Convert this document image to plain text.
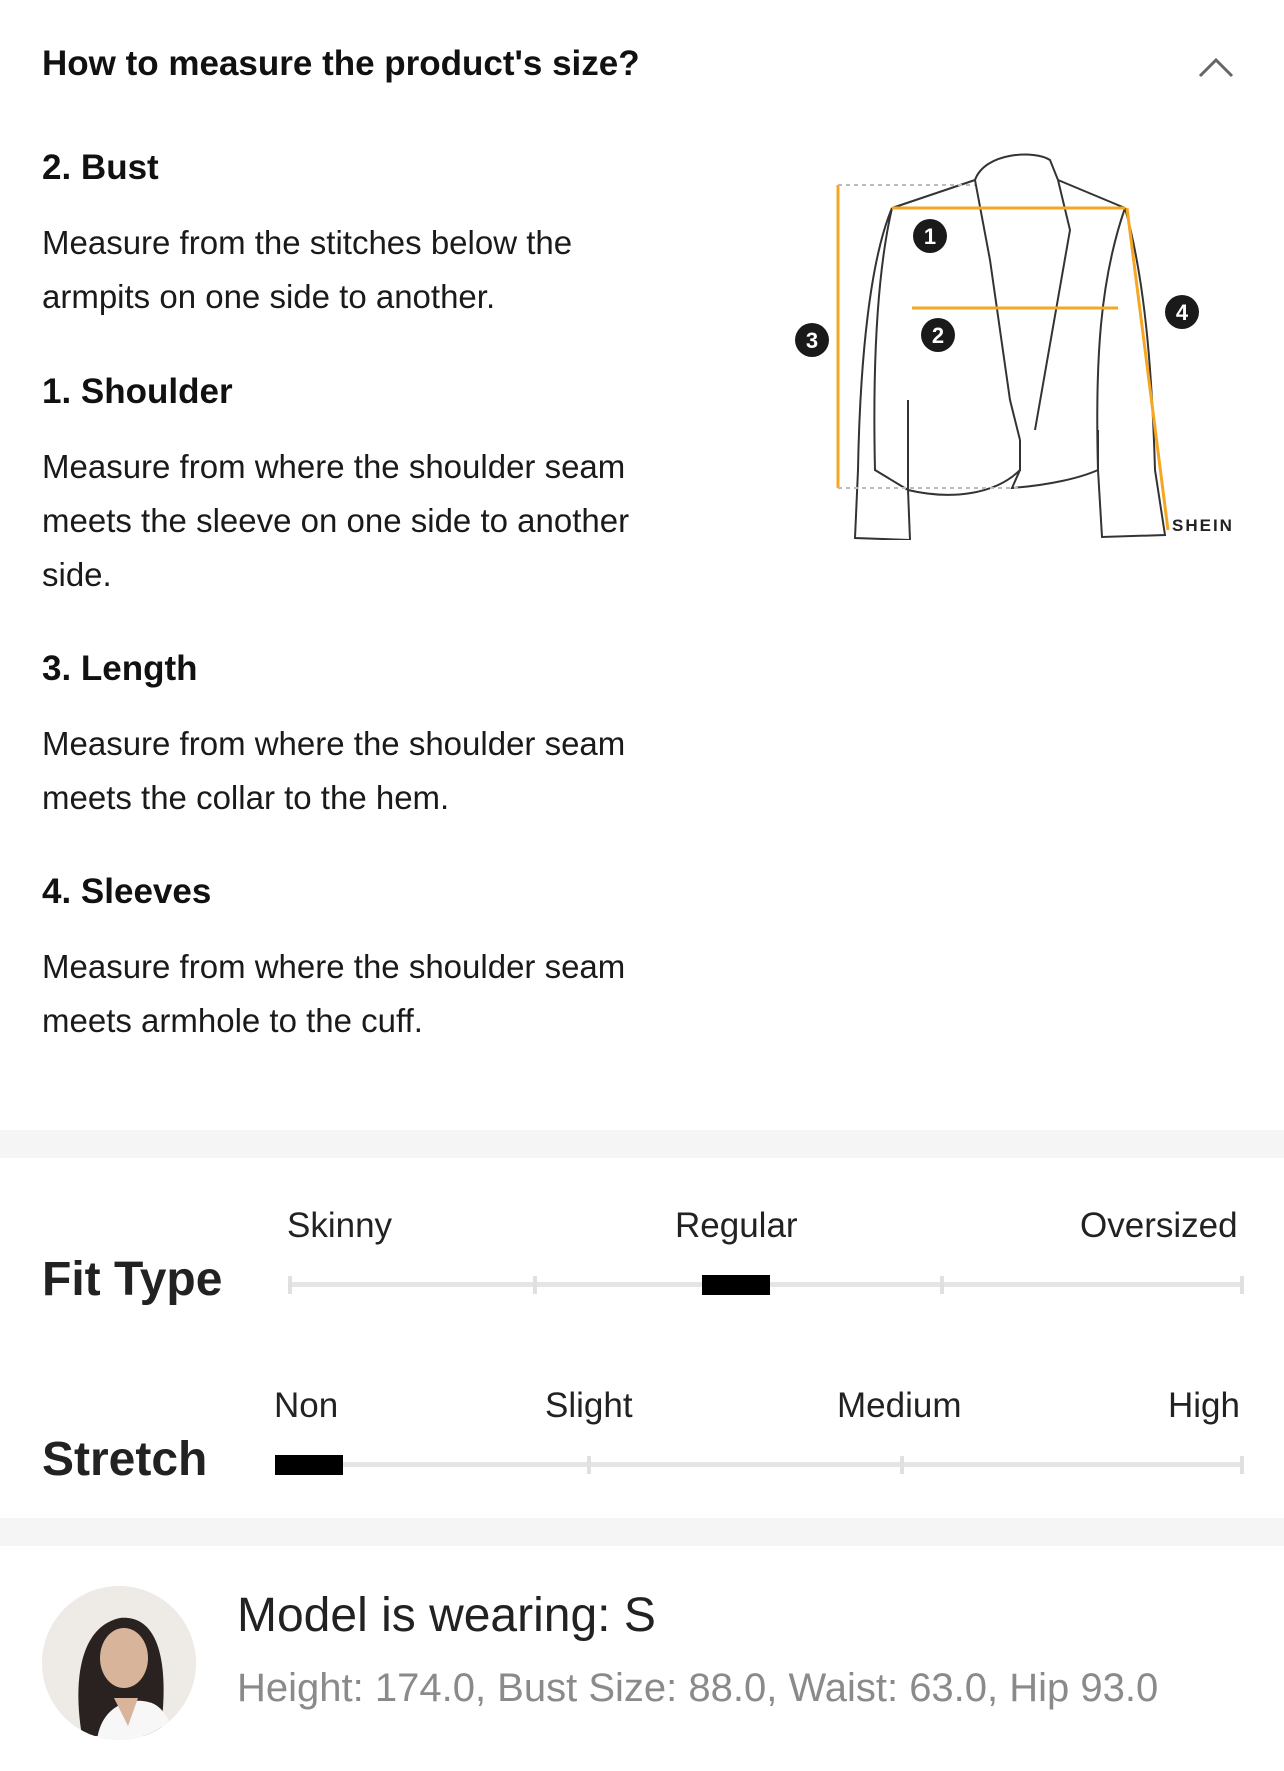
How to measure the product's size?
2. Bust
Measure from the stitches below the armpits on one side to another.
1. Shoulder
Measure from where the shoulder seam meets the sleeve on one side to another side.
3. Length
Measure from where the shoulder seam meets the collar to the hem.
4. Sleeves
Measure from where the shoulder seam meets armhole to the cuff.
1
2
3
4
SHEIN
Fit Type
Skinny	Regular	Oversized
Stretch
Non	Slight	Medium	High
Model is wearing: S
Height: 174.0, Bust Size: 88.0, Waist: 63.0, Hip 93.0
